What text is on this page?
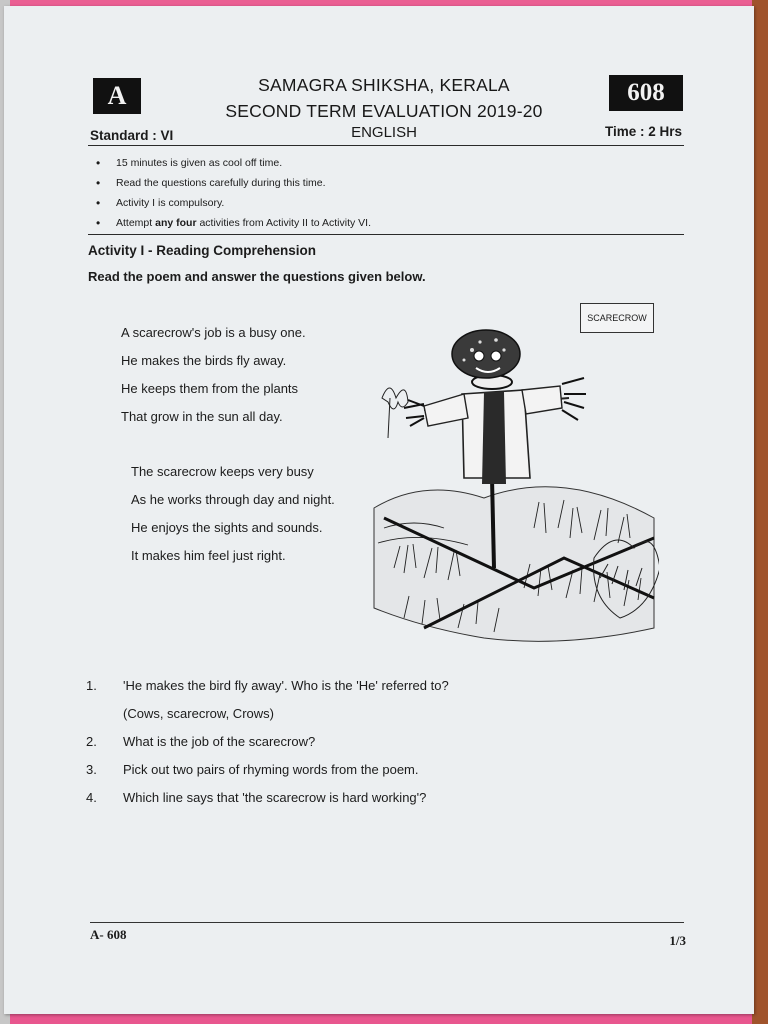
A	608
SAMAGRA SHIKSHA, KERALA
SECOND TERM EVALUATION 2019-20
ENGLISH
Standard : VI	Time : 2 Hrs
• 15 minutes is given as cool off time.
• Read the questions carefully during this time.
• Activity I is compulsory.
• Attempt any four activities from Activity II to Activity VI.
Activity I - Reading Comprehension
Read the poem and answer the questions given below.
A scarecrow's job is a busy one.
He makes the birds fly away.
He keeps them from the plants
That grow in the sun all day.
The scarecrow keeps very busy
As he works through day and night.
He enjoys the sights and sounds.
It makes him feel just right.
SCARECROW
1.	'He makes the bird fly away'. Who is the 'He' referred to?
(Cows, scarecrow, Crows)
2.	What is the job of the scarecrow?
3.	Pick out two pairs of rhyming words from the poem.
4.	Which line says that 'the scarecrow is hard working'?
A- 608	1/3
